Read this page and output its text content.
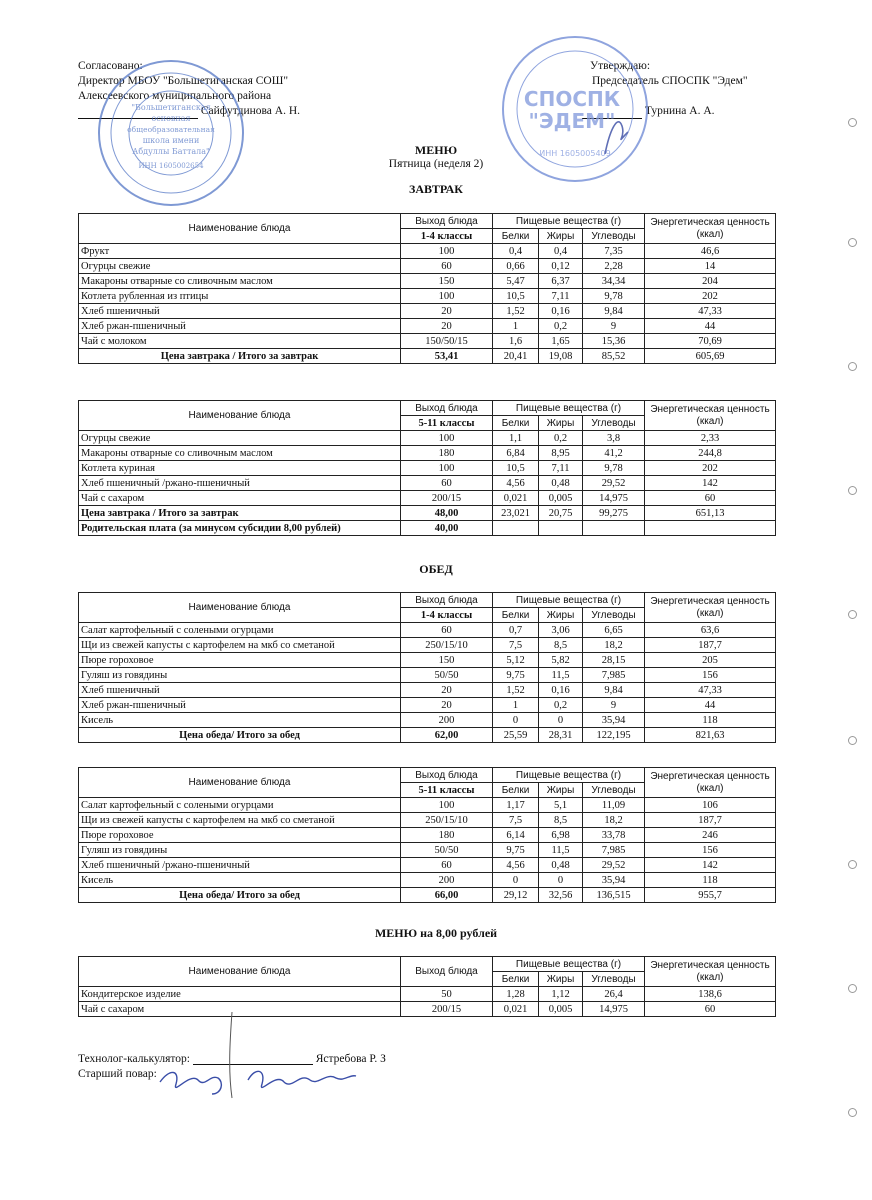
Согласовано:
Директор МБОУ "Большетиганская СОШ"
Алексеевского муниципального района
Сайфутдинова А. Н.
Утверждаю:
Председатель СПОСПК "Эдем"
Турнина А. А.
"Большетиганская
основная
общеобразовательная
школа имени
Абдуллы Баттала"
ИНН 1605002654
СПОСПК
"ЭДЕМ"
ИНН 1605005409
МЕНЮ
Пятница (неделя 2)
ЗАВТРАК
Наименование блюда	Выход блюда	Пищевые вещества (г)			Энергетическая ценность (ккал)
	1-4 классы	Белки	Жиры	Углеводы	
Фрукт	100	0,4	0,4	7,35	46,6
Огурцы свежие	60	0,66	0,12	2,28	14
Макароны отварные со сливочным маслом	150	5,47	6,37	34,34	204
Котлета рубленная из птицы	100	10,5	7,11	9,78	202
Хлеб пшеничный	20	1,52	0,16	9,84	47,33
Хлеб ржан-пшеничный	20	1	0,2	9	44
Чай с молоком	150/50/15	1,6	1,65	15,36	70,69
Цена завтрака / Итого за завтрак	53,41	20,41	19,08	85,52	605,69
Наименование блюда	Выход блюда	Пищевые вещества (г)			Энергетическая ценность (ккал)
	5-11 классы	Белки	Жиры	Углеводы	
Огурцы свежие	100	1,1	0,2	3,8	2,33
Макароны отварные со сливочным маслом	180	6,84	8,95	41,2	244,8
Котлета куриная	100	10,5	7,11	9,78	202
Хлеб пшеничный /ржано-пшеничный	60	4,56	0,48	29,52	142
Чай с сахаром	200/15	0,021	0,005	14,975	60
Цена завтрака / Итого за завтрак	48,00	23,021	20,75	99,275	651,13
Родительская плата (за минусом субсидии 8,00 рублей)	40,00				
ОБЕД
Наименование блюда	Выход блюда	Пищевые вещества (г)			Энергетическая ценность (ккал)
	1-4 классы	Белки	Жиры	Углеводы	
Салат картофельный с солеными огурцами	60	0,7	3,06	6,65	63,6
Щи из свежей капусты с картофелем на мкб со сметаной	250/15/10	7,5	8,5	18,2	187,7
Пюре гороховое	150	5,12	5,82	28,15	205
Гуляш из говядины	50/50	9,75	11,5	7,985	156
Хлеб пшеничный	20	1,52	0,16	9,84	47,33
Хлеб ржан-пшеничный	20	1	0,2	9	44
Кисель	200	0	0	35,94	118
Цена обеда/ Итого за обед	62,00	25,59	28,31	122,195	821,63
Наименование блюда	Выход блюда	Пищевые вещества (г)			Энергетическая ценность (ккал)
	5-11 классы	Белки	Жиры	Углеводы	
Салат картофельный с солеными огурцами	100	1,17	5,1	11,09	106
Щи из свежей капусты с картофелем на мкб со сметаной	250/15/10	7,5	8,5	18,2	187,7
Пюре гороховое	180	6,14	6,98	33,78	246
Гуляш из говядины	50/50	9,75	11,5	7,985	156
Хлеб пшеничный /ржано-пшеничный	60	4,56	0,48	29,52	142
Кисель	200	0	0	35,94	118
Цена обеда/ Итого за обед	66,00	29,12	32,56	136,515	955,7
МЕНЮ на 8,00 рублей
Наименование блюда	Выход блюда	Пищевые вещества (г)			Энергетическая ценность (ккал)
		Белки	Жиры	Углеводы	
Кондитерское изделие	50	1,28	1,12	26,4	138,6
Чай с сахаром	200/15	0,021	0,005	14,975	60
Технолог-калькулятор:	Ястребова Р. З
Старший повар:
